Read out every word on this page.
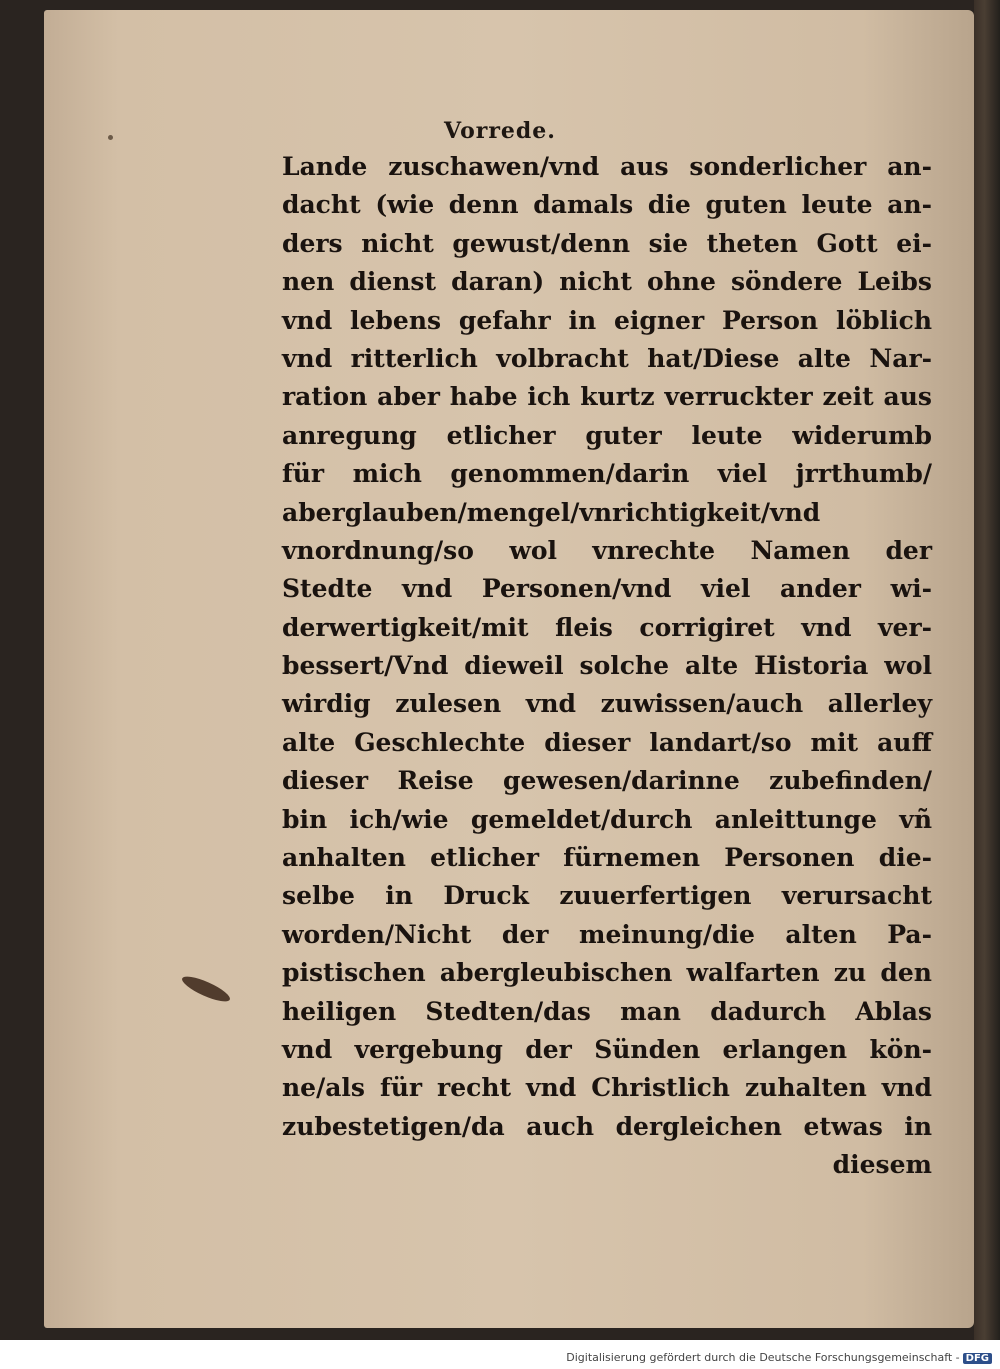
Vorrede.
Lande zuschawen/vnd aus sonderlicher an-
dacht (wie denn damals die guten leute an-
ders nicht gewust/denn sie theten Gott ei-
nen dienst daran) nicht ohne söndere Leibs
vnd lebens gefahr in eigner Person löblich
vnd ritterlich volbracht hat/Diese alte Nar-
ration aber habe ich kurtz verruckter zeit aus
anregung etlicher guter leute widerumb
für mich genommen/darin viel jrrthumb/
aberglauben/mengel/vnrichtigkeit/vnd
vnordnung/so wol vnrechte Namen der
Stedte vnd Personen/vnd viel ander wi-
derwertigkeit/mit fleis corrigiret vnd ver-
bessert/Vnd dieweil solche alte Historia wol
wirdig zulesen vnd zuwissen/auch allerley
alte Geschlechte dieser landart/so mit auff
dieser Reise gewesen/darinne zubefinden/
bin ich/wie gemeldet/durch anleittunge vñ
anhalten etlicher fürnemen Personen die-
selbe in Druck zuuerfertigen verursacht
worden/Nicht der meinung/die alten Pa-
pistischen abergleubischen walfarten zu den
heiligen Stedten/das man dadurch Ablas
vnd vergebung der Sünden erlangen kön-
ne/als für recht vnd Christlich zuhalten vnd
zubestetigen/da auch dergleichen etwas in
diesem
Digitalisierung gefördert durch die Deutsche Forschungsgemeinschaft - DFG
